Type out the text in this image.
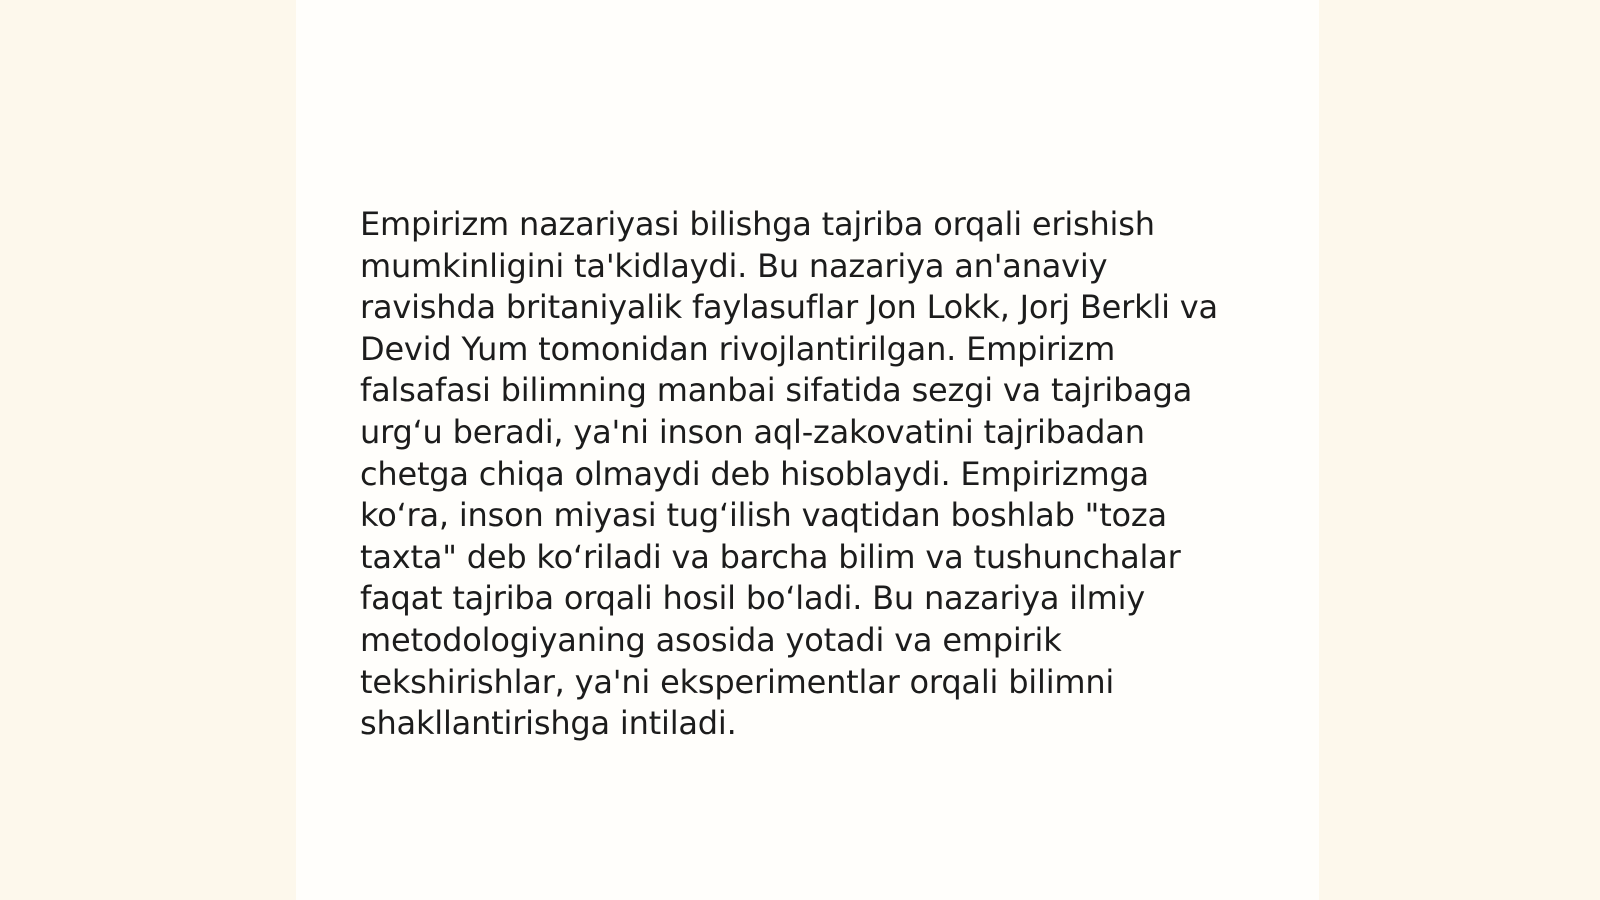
Empirizm nazariyasi bilishga tajriba orqali erishish
mumkinligini ta'kidlaydi. Bu nazariya an'anaviy
ravishda britaniyalik faylasuflar Jon Lokk, Jorj Berkli va
Devid Yum tomonidan rivojlantirilgan. Empirizm
falsafasi bilimning manbai sifatida sezgi va tajribaga
urg‘u beradi, ya'ni inson aql-zakovatini tajribadan
chetga chiqa olmaydi deb hisoblaydi. Empirizmga
ko‘ra, inson miyasi tug‘ilish vaqtidan boshlab "toza
taxta" deb ko‘riladi va barcha bilim va tushunchalar
faqat tajriba orqali hosil bo‘ladi. Bu nazariya ilmiy
metodologiyaning asosida yotadi va empirik
tekshirishlar, ya'ni eksperimentlar orqali bilimni
shakllantirishga intiladi.
